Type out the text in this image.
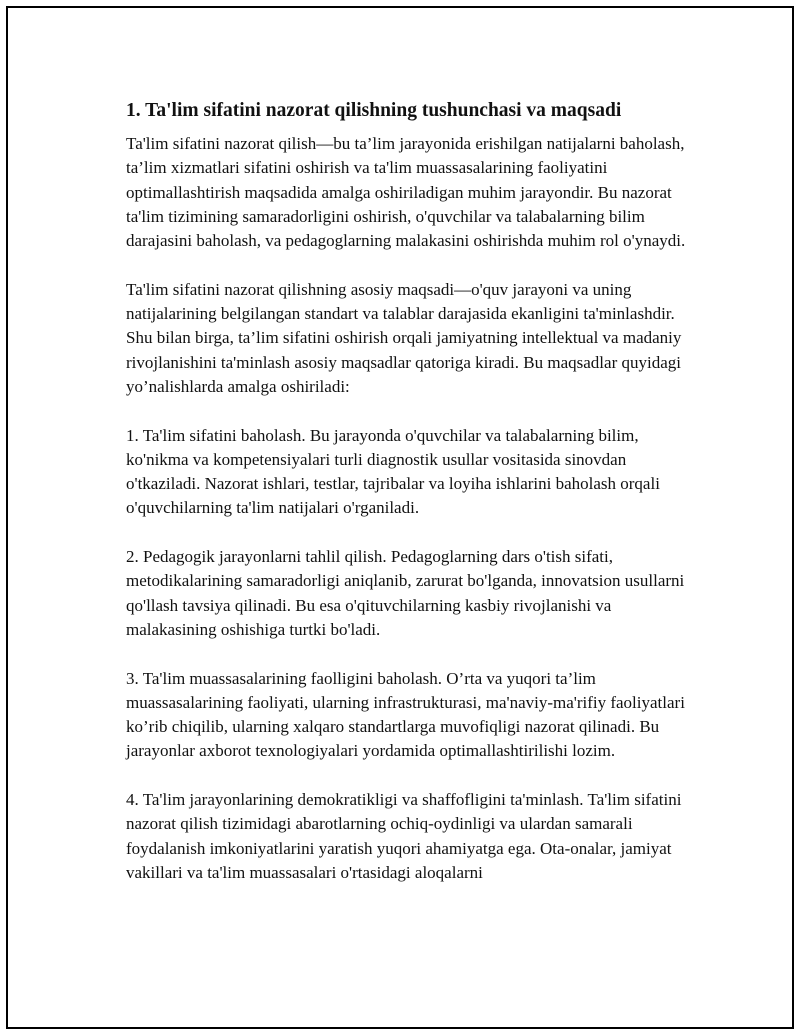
1. Ta'lim sifatini nazorat qilishning tushunchasi va maqsadi

Ta'lim sifatini nazorat qilish—bu ta’lim jarayonida erishilgan natijalarni baholash, ta’lim xizmatlari sifatini oshirish va ta'lim muassasalarining faoliyatini optimallashtirish maqsadida amalga oshiriladigan muhim jarayondir. Bu nazorat ta'lim tizimining samaradorligini oshirish, o'quvchilar va talabalarning bilim darajasini baholash, va pedagoglarning malakasini oshirishda muhim rol o'ynaydi.

Ta'lim sifatini nazorat qilishning asosiy maqsadi—o'quv jarayoni va uning natijalarining belgilangan standart va talablar darajasida ekanligini ta'minlashdir. Shu bilan birga, ta’lim sifatini oshirish orqali jamiyatning intellektual va madaniy rivojlanishini ta'minlash asosiy maqsadlar qatoriga kiradi. Bu maqsadlar quyidagi yo’nalishlarda amalga oshiriladi:

1. Ta'lim sifatini baholash. Bu jarayonda o'quvchilar va talabalarning bilim, ko'nikma va kompetensiyalari turli diagnostik usullar vositasida sinovdan o'tkaziladi. Nazorat ishlari, testlar, tajribalar va loyiha ishlarini baholash orqali o'quvchilarning ta'lim natijalari o'rganiladi.

2. Pedagogik jarayonlarni tahlil qilish. Pedagoglarning dars o'tish sifati, metodikalarining samaradorligi aniqlanib, zarurat bo'lganda, innovatsion usullarni qo'llash tavsiya qilinadi. Bu esa o'qituvchilarning kasbiy rivojlanishi va malakasining oshishiga turtki bo'ladi.

3. Ta'lim muassasalarining faolligini baholash. O’rta va yuqori ta’lim muassasalarining faoliyati, ularning infrastrukturasi, ma'naviy-ma'rifiy faoliyatlari ko’rib chiqilib, ularning xalqaro standartlarga muvofiqligi nazorat qilinadi. Bu jarayonlar axborot texnologiyalari yordamida optimallashtirilishi lozim.

4. Ta'lim jarayonlarining demokratikligi va shaffofligini ta'minlash. Ta'lim sifatini nazorat qilish tizimidagi abarotlarning ochiq-oydinligi va ulardan samarali foydalanish imkoniyatlarini yaratish yuqori ahamiyatga ega. Ota-onalar, jamiyat vakillari va ta'lim muassasalari o'rtasidagi aloqalarni
